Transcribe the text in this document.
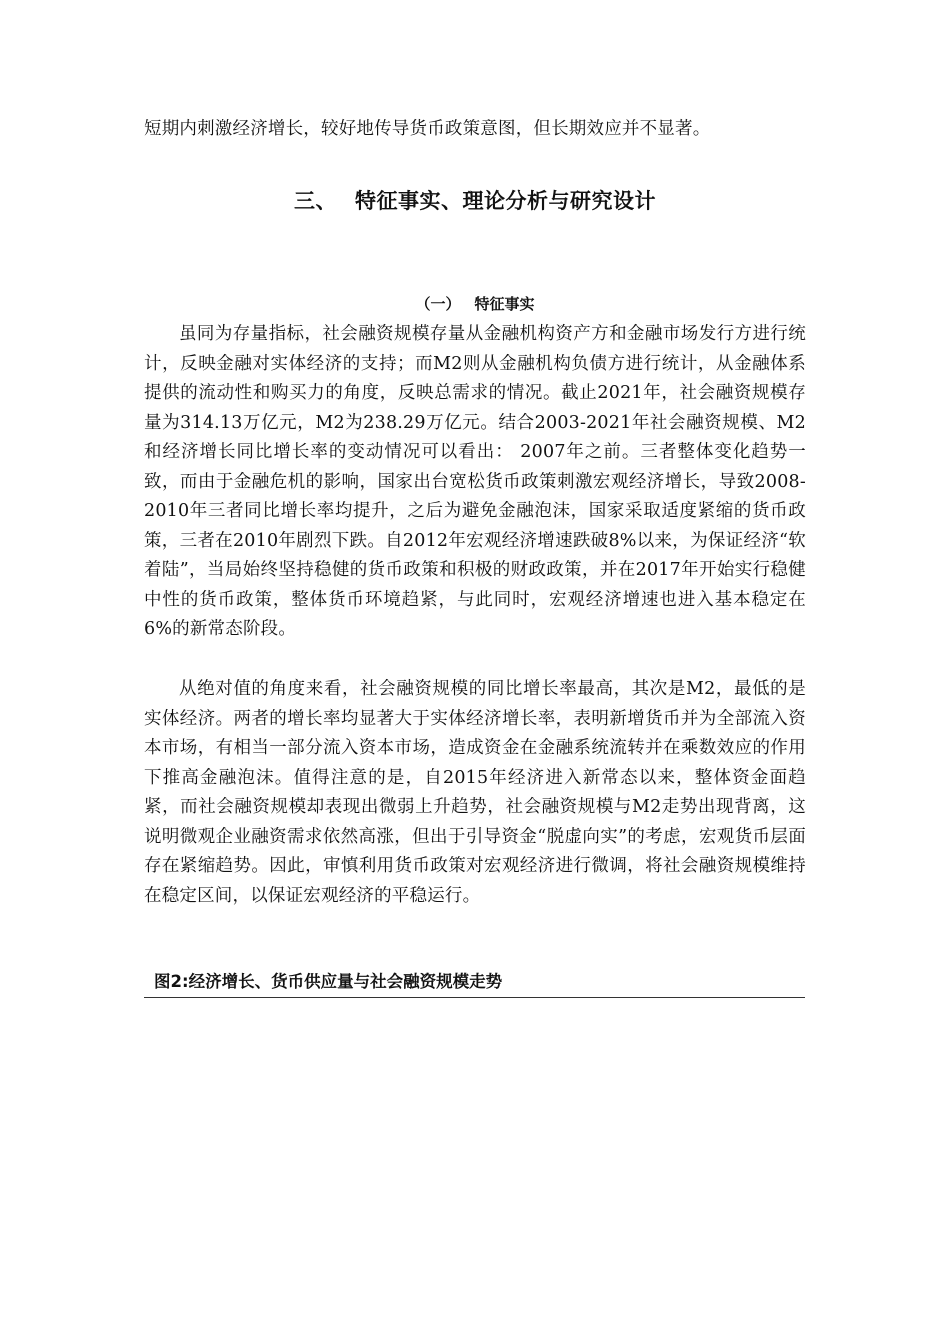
短期内刺激经济增长，较好地传导货币政策意图，但长期效应并不显著。

三、 特征事实、理论分析与研究设计
（一） 特征事实

虽同为存量指标，社会融资规模存量从金融机构资产方和金融市场发行方进行统计，反映金融对实体经济的支持；而M2则从金融机构负债方进行统计，从金融体系提供的流动性和购买力的角度，反映总需求的情况。截止2021年，社会融资规模存量为314.13万亿元，M2为238.29万亿元。结合2003-2021年社会融资规模、M2和经济增长同比增长率的变动情况可以看出： 2007年之前。三者整体变化趋势一致，而由于金融危机的影响，国家出台宽松货币政策刺激宏观经济增长，导致2008-2010年三者同比增长率均提升，之后为避免金融泡沫，国家采取适度紧缩的货币政策，三者在2010年剧烈下跌。自2012年宏观经济增速跌破8%以来，为保证经济“软着陆”，当局始终坚持稳健的货币政策和积极的财政政策，并在2017年开始实行稳健中性的货币政策，整体货币环境趋紧，与此同时，宏观经济增速也进入基本稳定在6%的新常态阶段。

从绝对值的角度来看，社会融资规模的同比增长率最高，其次是M2，最低的是实体经济。两者的增长率均显著大于实体经济增长率，表明新增货币并为全部流入资本市场，有相当一部分流入资本市场，造成资金在金融系统流转并在乘数效应的作用下推高金融泡沫。值得注意的是，自2015年经济进入新常态以来，整体资金面趋紧，而社会融资规模却表现出微弱上升趋势，社会融资规模与M2走势出现背离，这说明微观企业融资需求依然高涨，但出于引导资金“脱虚向实”的考虑，宏观货币层面存在紧缩趋势。因此，审慎利用货币政策对宏观经济进行微调，将社会融资规模维持在稳定区间，以保证宏观经济的平稳运行。

图2:经济增长、货币供应量与社会融资规模走势
